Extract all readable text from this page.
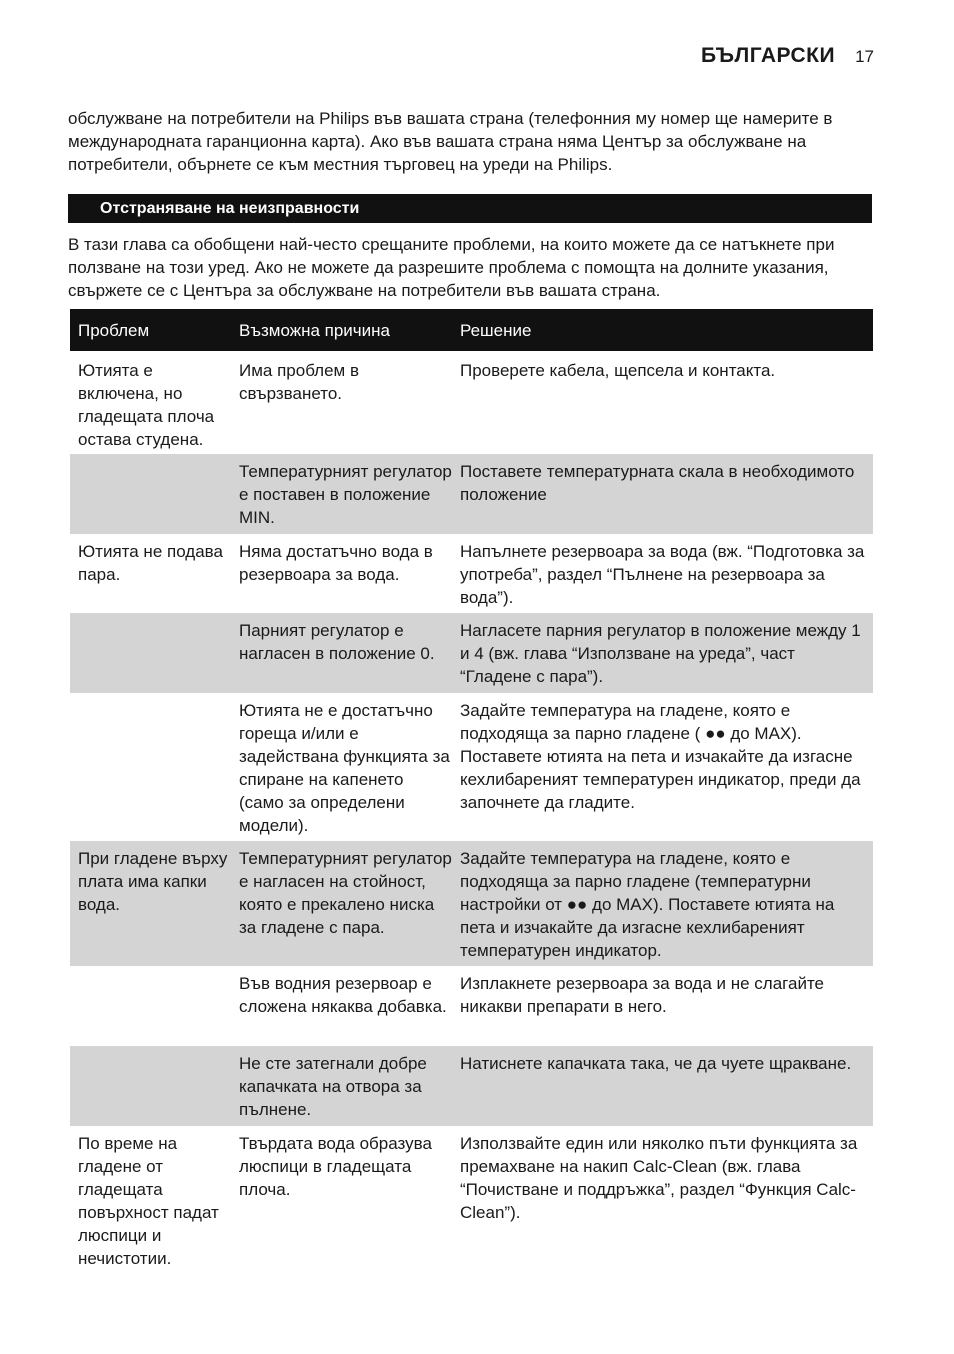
БЪЛГАРСКИ 17

обслужване на потребители на Philips във вашата страна (телефонния му номер ще намерите в международната гаранционна карта). Ако във вашата страна няма Център за обслужване на потребители, обърнете се към местния търговец на уреди на Philips.

Отстраняване на неизправности

В тази глава са обобщени най-често срещаните проблеми, на които можете да се натъкнете при ползване на този уред. Ако не можете да разрешите проблема с помощта на долните указания, свържете се с Центъра за обслужване на потребители във вашата страна.

Проблем	Възможна причина	Решение
Ютията е включена, но гладещата плоча остава студена.
Има проблем в свързването.
Проверете кабела, щепсела и контакта.
Температурният регулатор е поставен в положение MIN.
Поставете температурната скала в необходимото положение
Ютията не подава пара.
Няма достатъчно вода в резервоара за вода.
Напълнете резервоара за вода (вж. “Подготовка за употреба”, раздел “Пълнене на резервоара за вода”).
Парният регулатор е нагласен в положение 0.
Нагласете парния регулатор в положение между 1 и 4 (вж. глава “Използване на уреда”, част “Гладене с пара”).
Ютията не е достатъчно гореща и/или е задействана функцията за спиране на капенето (само за определени модели).
Задайте температура на гладене, която е подходяща за парно гладене ( ●● до MAX). Поставете ютията на пета и изчакайте да изгасне кехлибареният температурен индикатор, преди да започнете да гладите.
При гладене върху плата има капки вода.
Температурният регулатор е нагласен на стойност, която е прекалено ниска за гладене с пара.
Задайте температура на гладене, която е подходяща за парно гладене (температурни настройки от ●● до MAX). Поставете ютията на пета и изчакайте да изгасне кехлибареният температурен индикатор.
Във водния резервоар е сложена някаква добавка.
Изплакнете резервоара за вода и не слагайте никакви препарати в него.
Не сте затегнали добре капачката на отвора за пълнене.
Натиснете капачката така, че да чуете щракване.
По време на гладене от гладещата повърхност падат люспици и нечистотии.
Твърдата вода образува люспици в гладещата плоча.
Използвайте един или няколко пъти функцията за премахване на накип Calc-Clean (вж. глава “Почистване и поддръжка”, раздел “Функция Calc-Clean”).
